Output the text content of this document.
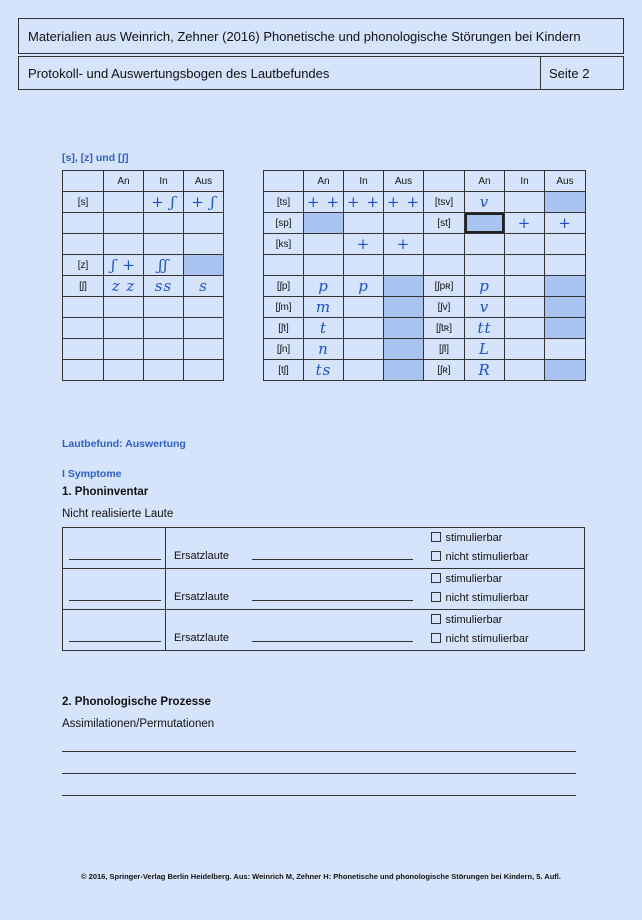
Materialien aus Weinrich, Zehner (2016) Phonetische und phonologische Störungen bei Kindern
Protokoll- und Auswertungsbogen des Lautbefundes	Seite 2
[s], [z] und [ʃ]
	An	In	Aus
[s]		+ ʃ	+ ʃ

[z]	ʃ +	ʃʃ	
[ʃ]	z z	ss	s

	An	In	Aus		An	In	Aus
[ts]	+ +	+ +	+ +	[tsv]	v		
[sp]				[st]		+	+
[ks]		+	+				

[ʃp]	p	p		[ʃpʀ]	p		
[ʃm]	m			[ʃv]	v		
[ʃt]	t			[ʃtʀ]	tt		
[ʃn]	n			[ʃl]	L		
[tʃ]	ts			[ʃʀ]	R		
Lautbefund: Auswertung
I Symptome
1. Phoninventar
Nicht realisierte Laute

	Ersatzlaute	stimulierbar
nicht stimulierbar

	Ersatzlaute	stimulierbar
nicht stimulierbar

	Ersatzlaute	stimulierbar
nicht stimulierbar
2. Phonologische Prozesse
Assimilationen/Permutationen
© 2016, Springer-Verlag Berlin Heidelberg. Aus: Weinrich M, Zehner H: Phonetische und phonologische Störungen bei Kindern, 5. Aufl.
